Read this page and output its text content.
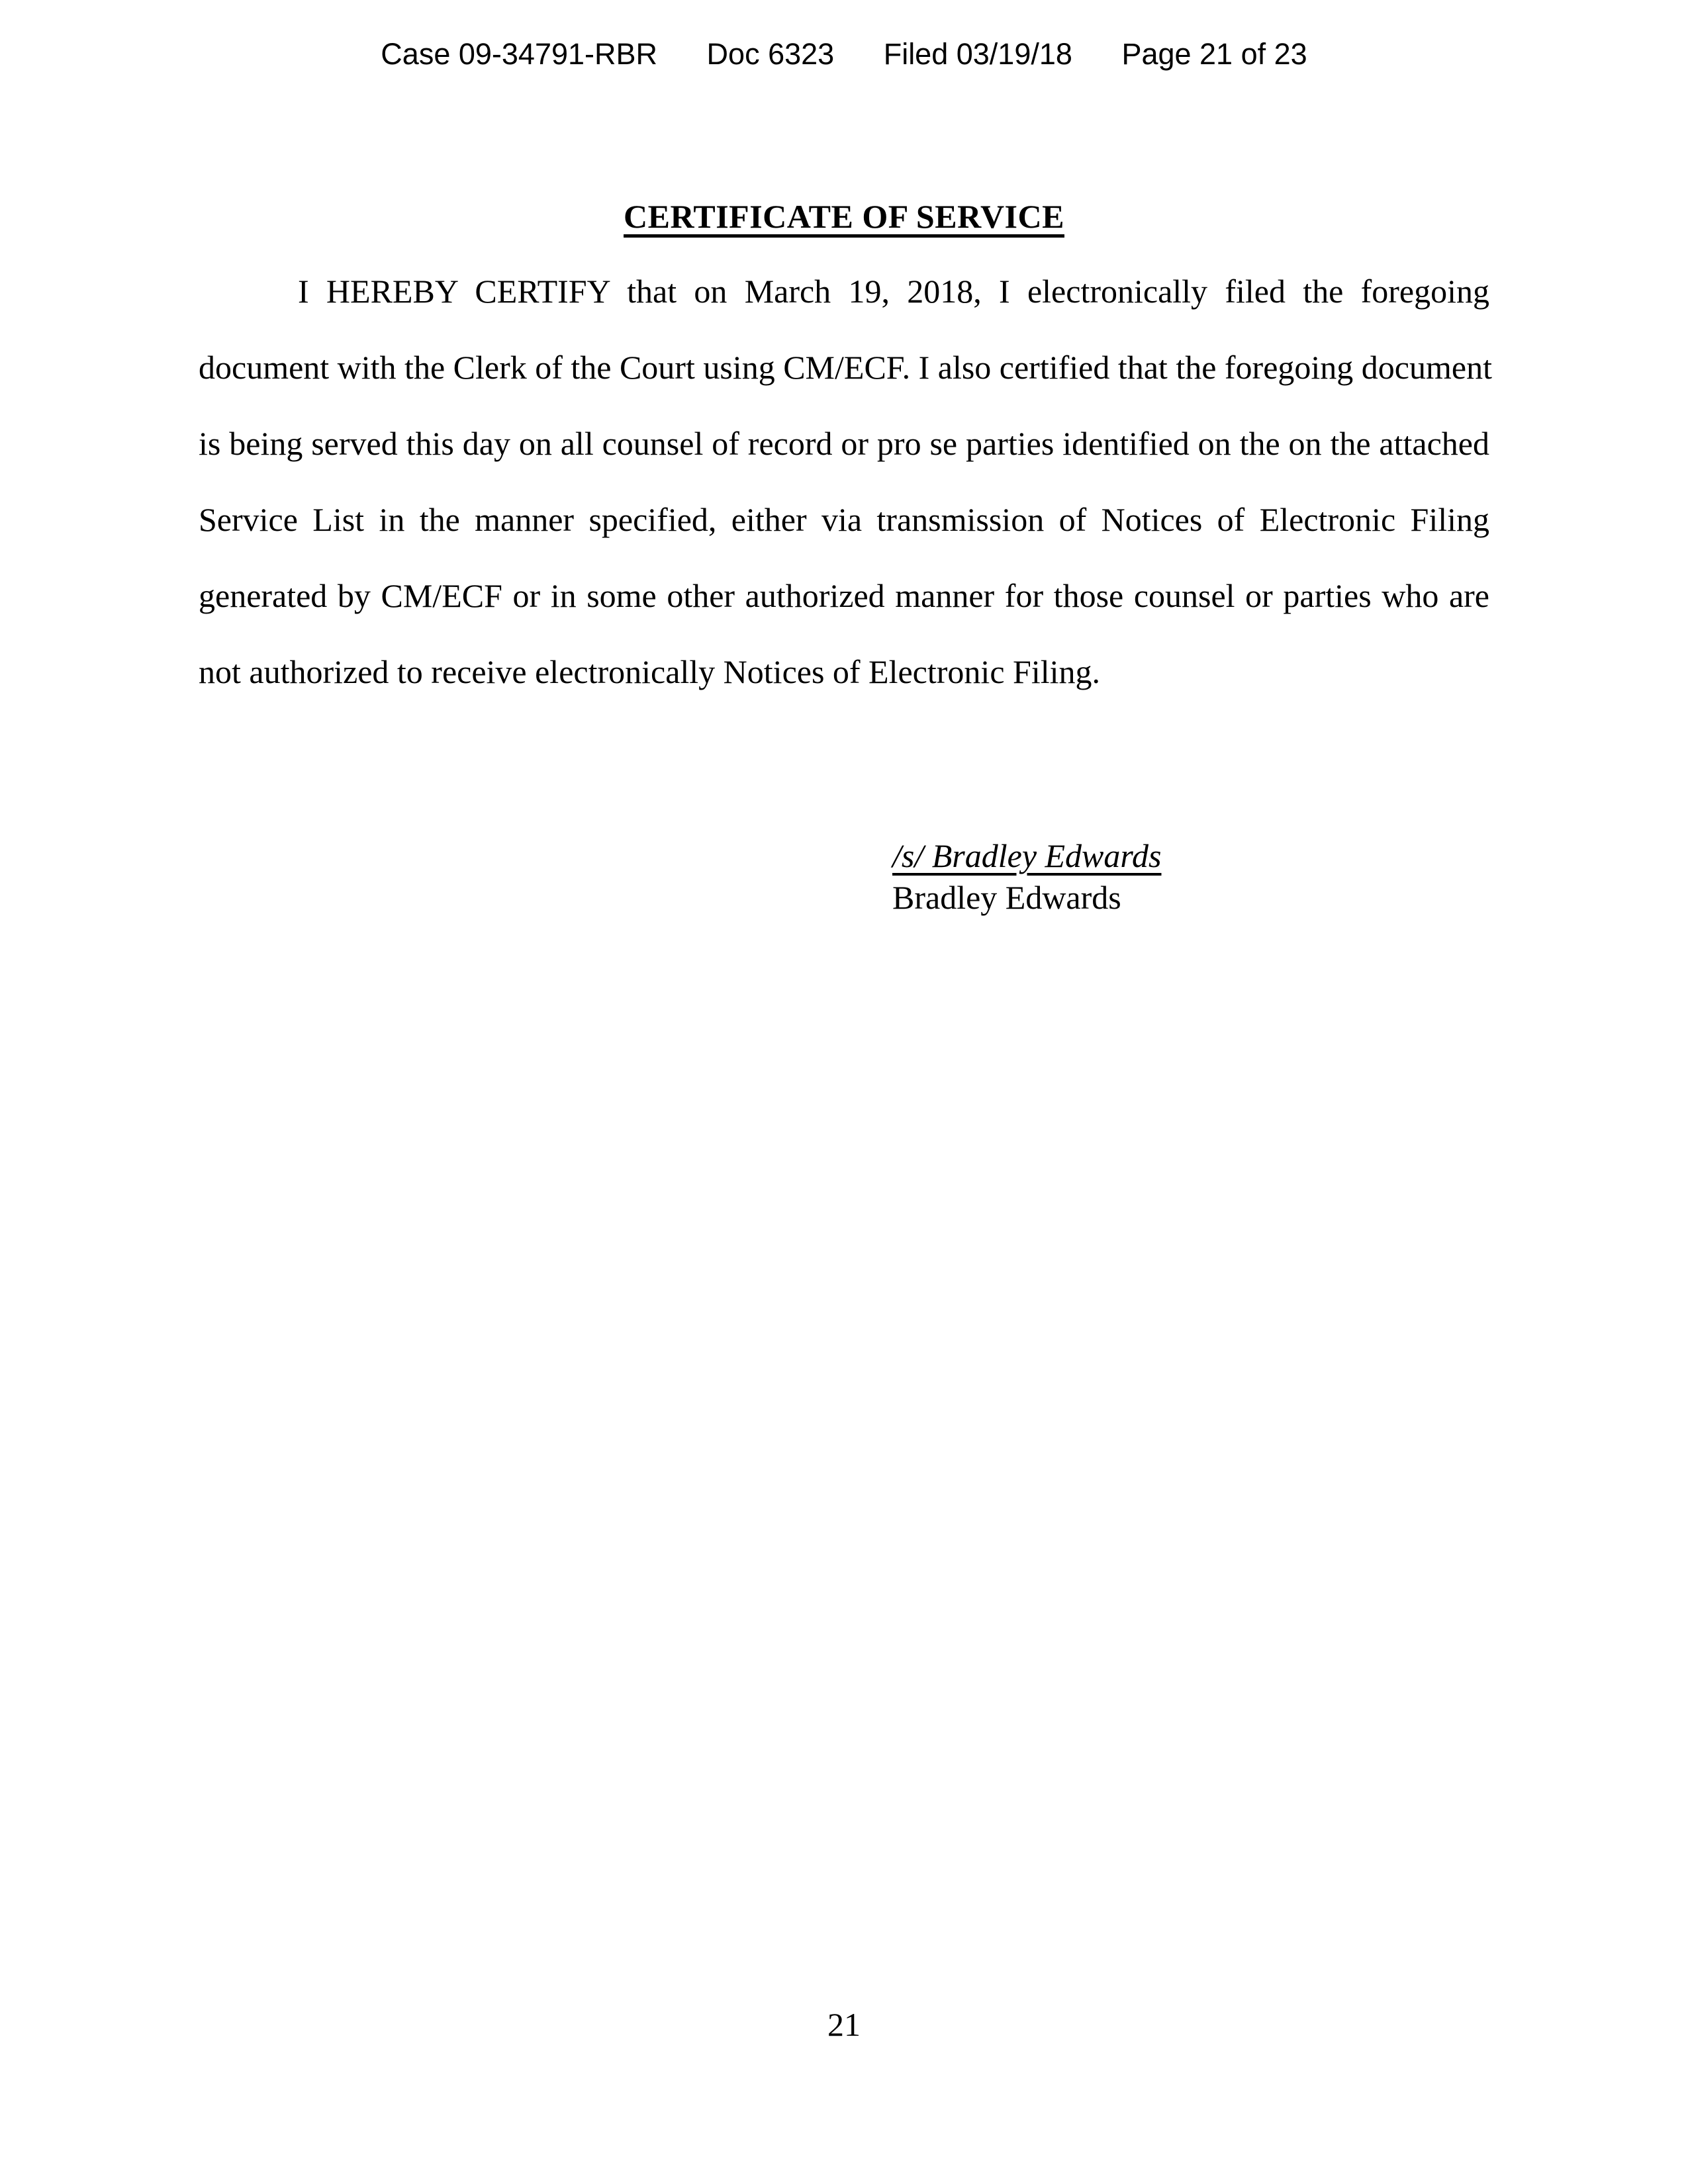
Case 09-34791-RBR Doc 6323 Filed 03/19/18 Page 21 of 23
CERTIFICATE OF SERVICE
I HEREBY CERTIFY that on March 19, 2018, I electronically filed the foregoing
document with the Clerk of the Court using CM/ECF. I also certified that the foregoing document
is being served this day on all counsel of record or pro se parties identified on the on the attached
Service List in the manner specified, either via transmission of Notices of Electronic Filing
generated by CM/ECF or in some other authorized manner for those counsel or parties who are
not authorized to receive electronically Notices of Electronic Filing.
/s/ Bradley Edwards
Bradley Edwards
21
